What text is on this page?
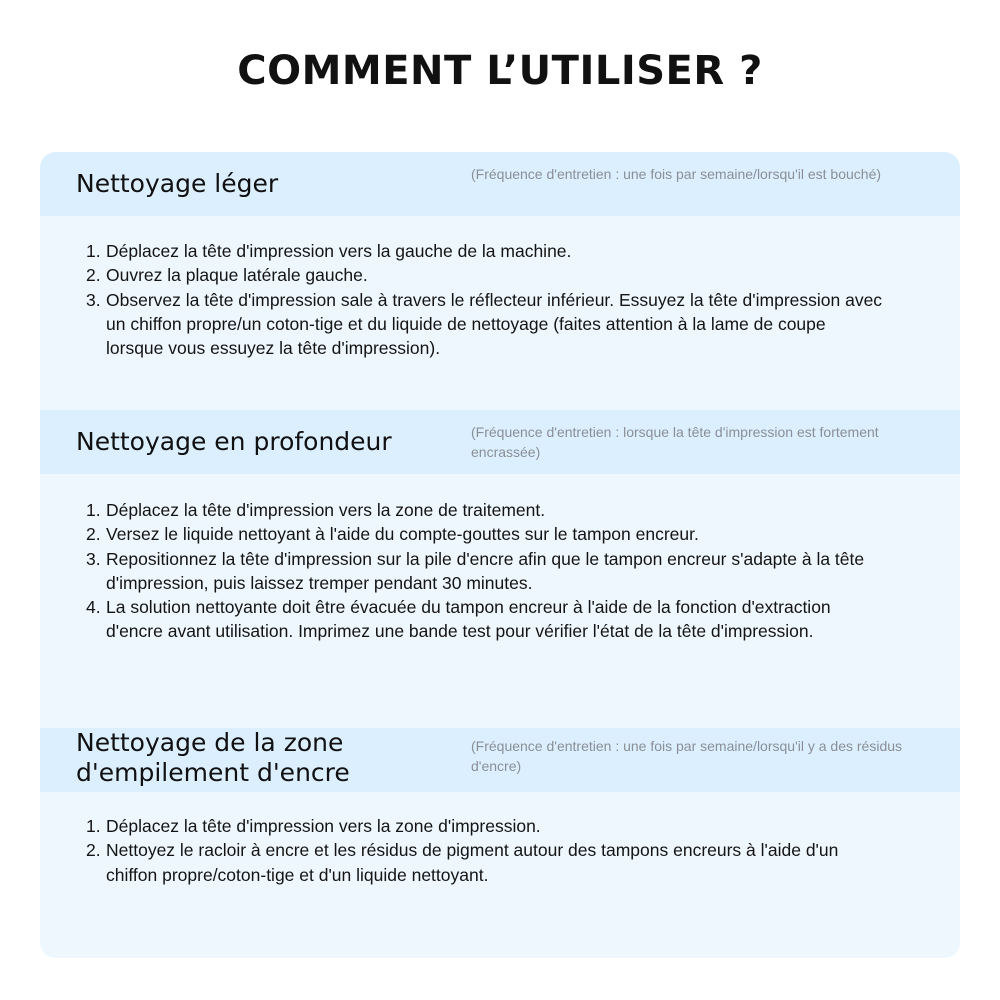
COMMENT L’UTILISER ?
Nettoyage léger	(Fréquence d'entretien : une fois par semaine/lorsqu'il est bouché)
1. Déplacez la tête d'impression vers la gauche de la machine.
2. Ouvrez la plaque latérale gauche.
3. Observez la tête d'impression sale à travers le réflecteur inférieur. Essuyez la tête d'impression avec un chiffon propre/un coton-tige et du liquide de nettoyage (faites attention à la lame de coupe lorsque vous essuyez la tête d'impression).
Nettoyage en profondeur	(Fréquence d'entretien : lorsque la tête d'impression est fortement encrassée)
1. Déplacez la tête d'impression vers la zone de traitement.
2. Versez le liquide nettoyant à l'aide du compte-gouttes sur le tampon encreur.
3. Repositionnez la tête d'impression sur la pile d'encre afin que le tampon encreur s'adapte à la tête d'impression, puis laissez tremper pendant 30 minutes.
4. La solution nettoyante doit être évacuée du tampon encreur à l'aide de la fonction d'extraction d'encre avant utilisation. Imprimez une bande test pour vérifier l'état de la tête d'impression.
Nettoyage de la zone d'empilement d'encre
(Fréquence d'entretien : une fois par semaine/lorsqu'il y a des résidus d'encre)
1. Déplacez la tête d'impression vers la zone d'impression.
2. Nettoyez le racloir à encre et les résidus de pigment autour des tampons encreurs à l'aide d'un chiffon propre/coton-tige et d'un liquide nettoyant.
